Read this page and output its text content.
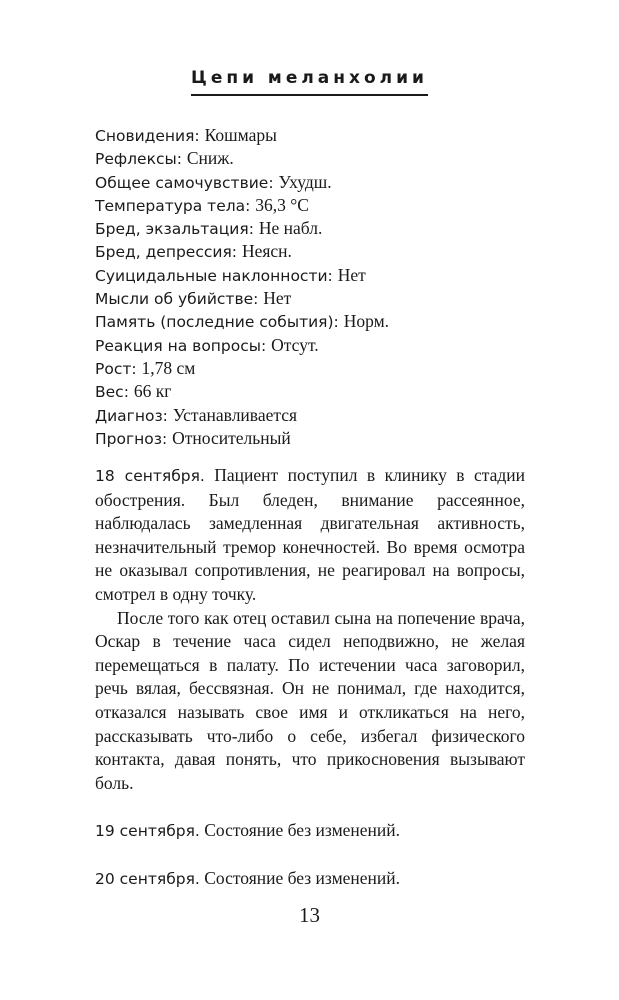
Цепи меланхолии
Сновидения: Кошмары
Рефлексы: Сниж.
Общее самочувствие: Ухудш.
Температура тела: 36,3 °С
Бред, экзальтация: Не набл.
Бред, депрессия: Неясн.
Суицидальные наклонности: Нет
Мысли об убийстве: Нет
Память (последние события): Норм.
Реакция на вопросы: Отсут.
Рост: 1,78 см
Вес: 66 кг
Диагноз: Устанавливается
Прогноз: Относительный

18 сентября. Пациент поступил в клинику в стадии обострения. Был бледен, внимание рассеянное, наблюдалась замедленная двигательная активность, незначительный тремор конечностей. Во время осмотра не оказывал сопротивления, не реагировал на вопросы, смотрел в одну точку.

После того как отец оставил сына на попечение врача, Оскар в течение часа сидел неподвижно, не желая перемещаться в палату. По истечении часа заговорил, речь вялая, бессвязная. Он не понимал, где находится, отказался называть свое имя и откликаться на него, рассказывать что-либо о себе, избегал физического контакта, давая понять, что прикосновения вызывают боль.

19 сентября. Состояние без изменений.

20 сентября. Состояние без изменений.

13
